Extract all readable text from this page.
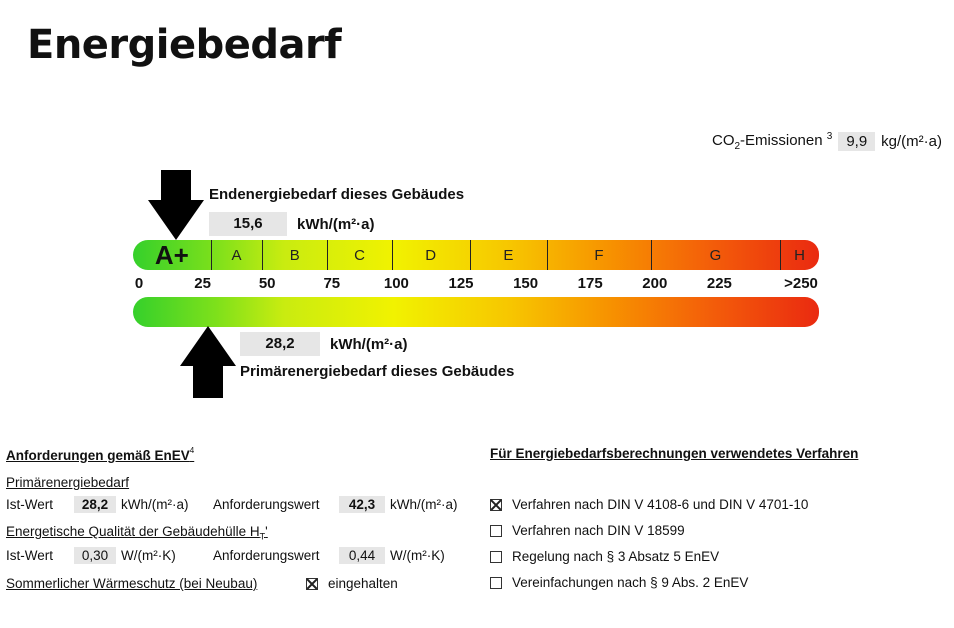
Energiebedarf
$CO_2$-Emissionen $^3$ 9,9 kg/(m²·a)
Endenergiebedarf dieses Gebäudes
15,6	kWh/(m²·a)
A+	A	B	C	D	E	F	G	H
0	25	50	75	100	125	150	175	200	225	>250
28,2	kWh/(m²·a)
Primärenergiebedarf dieses Gebäudes
Anforderungen gemäß EnEV$^4$
Primärenergiebedarf
Ist-Wert	28,2 kWh/(m²·a)	Anforderungswert	42,3	kWh/(m²·a)
Energetische Qualität der Gebäudehülle $H_T'$
Ist-Wert	0,30 W/(m²·K)	Anforderungswert	0,44	W/(m²·K)
Sommerlicher Wärmeschutz (bei Neubau)	eingehalten
Für Energiebedarfsberechnungen verwendetes Verfahren
Verfahren nach DIN V 4108-6 und DIN V 4701-10
Verfahren nach DIN V 18599
Regelung nach § 3 Absatz 5 EnEV
Vereinfachungen nach § 9 Abs. 2 EnEV
